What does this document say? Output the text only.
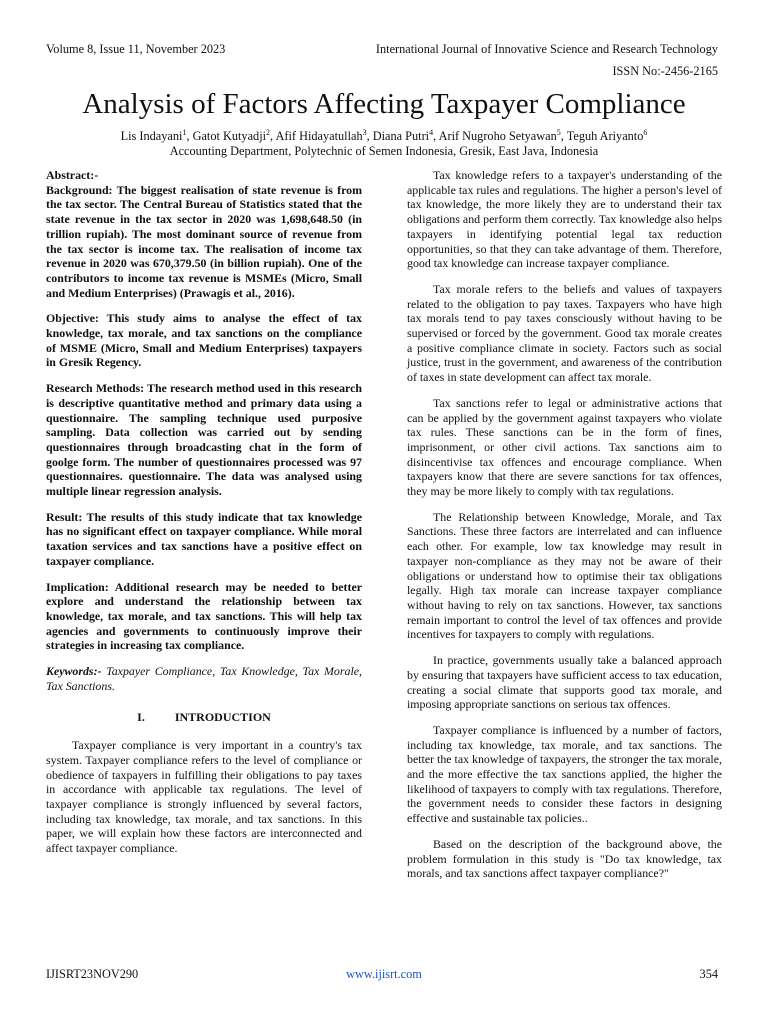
Volume 8, Issue 11, November 2023	International Journal of Innovative Science and Research Technology
ISSN No:-2456-2165
Analysis of Factors Affecting Taxpayer Compliance
Lis Indayani$^1$, Gatot Kutyadji$^2$, Afif Hidayatullah$^3$, Diana Putri$^4$, Arif Nugroho Setyawan$^5$, Teguh Ariyanto$^6$
Accounting Department, Polytechnic of Semen Indonesia, Gresik, East Java, Indonesia

Abstract:-

Background: The biggest realisation of state revenue is from the tax sector. The Central Bureau of Statistics stated that the state revenue in the tax sector in 2020 was 1,698,648.50 (in trillion rupiah). The most dominant source of revenue from the tax sector is income tax. The realisation of income tax revenue in 2020 was 670,379.50 (in billion rupiah). One of the contributors to income tax revenue is MSMEs (Micro, Small and Medium Enterprises) (Prawagis et al., 2016).

Objective: This study aims to analyse the effect of tax knowledge, tax morale, and tax sanctions on the compliance of MSME (Micro, Small and Medium Enterprises) taxpayers in Gresik Regency.

Research Methods: The research method used in this research is descriptive quantitative method and primary data using a questionnaire. The sampling technique used purposive sampling. Data collection was carried out by sending questionnaires through broadcasting chat in the form of goolge form. The number of questionnaires processed was 97 questionnaires. questionnaire. The data was analysed using multiple linear regression analysis.

Result: The results of this study indicate that tax knowledge has no significant effect on taxpayer compliance. While moral taxation services and tax sanctions have a positive effect on taxpayer compliance.

Implication: Additional research may be needed to better explore and understand the relationship between tax knowledge, tax morale, and tax sanctions. This will help tax agencies and governments to continuously improve their strategies in increasing tax compliance.

Keywords:- Taxpayer Compliance, Tax Knowledge, Tax Morale, Tax Sanctions.

I.	INTRODUCTION

Taxpayer compliance is very important in a country's tax system. Taxpayer compliance refers to the level of compliance or obedience of taxpayers in fulfilling their obligations to pay taxes in accordance with applicable tax regulations. The level of taxpayer compliance is strongly influenced by several factors, including tax knowledge, tax morale, and tax sanctions. In this paper, we will explain how these factors are interconnected and affect taxpayer compliance.

Tax knowledge refers to a taxpayer's understanding of the applicable tax rules and regulations. The higher a person's level of tax knowledge, the more likely they are to understand their tax obligations and perform them correctly. Tax knowledge also helps taxpayers in identifying potential legal tax reduction opportunities, so that they can take advantage of them. Therefore, good tax knowledge can increase taxpayer compliance.

Tax morale refers to the beliefs and values of taxpayers related to the obligation to pay taxes. Taxpayers who have high tax morals tend to pay taxes consciously without having to be supervised or forced by the government. Good tax morale creates a positive compliance climate in society. Factors such as social justice, trust in the government, and awareness of the contribution of taxes in state development can affect tax morale.

Tax sanctions refer to legal or administrative actions that can be applied by the government against taxpayers who violate tax rules. These sanctions can be in the form of fines, imprisonment, or other civil actions. Tax sanctions aim to disincentivise tax offences and encourage compliance. When taxpayers know that there are severe sanctions for tax offences, they may be more likely to comply with tax regulations.

The Relationship between Knowledge, Morale, and Tax Sanctions. These three factors are interrelated and can influence each other. For example, low tax knowledge may result in taxpayer non-compliance as they may not be aware of their obligations or understand how to optimise their tax obligations legally. High tax morale can increase taxpayer compliance without having to rely on tax sanctions. However, tax sanctions remain important to control the level of tax offences and provide incentives for taxpayers to comply with regulations.

In practice, governments usually take a balanced approach by ensuring that taxpayers have sufficient access to tax education, creating a social climate that supports good tax morale, and imposing appropriate sanctions on serious tax offences.

Taxpayer compliance is influenced by a number of factors, including tax knowledge, tax morale, and tax sanctions. The better the tax knowledge of taxpayers, the stronger the tax morale, and the more effective the tax sanctions applied, the higher the likelihood of taxpayers to comply with tax regulations. Therefore, the government needs to consider these factors in designing effective and sustainable tax policies..

Based on the description of the background above, the problem formulation in this study is "Do tax knowledge, tax morals, and tax sanctions affect taxpayer compliance?"

IJISRT23NOV290	www.ijisrt.com	354
